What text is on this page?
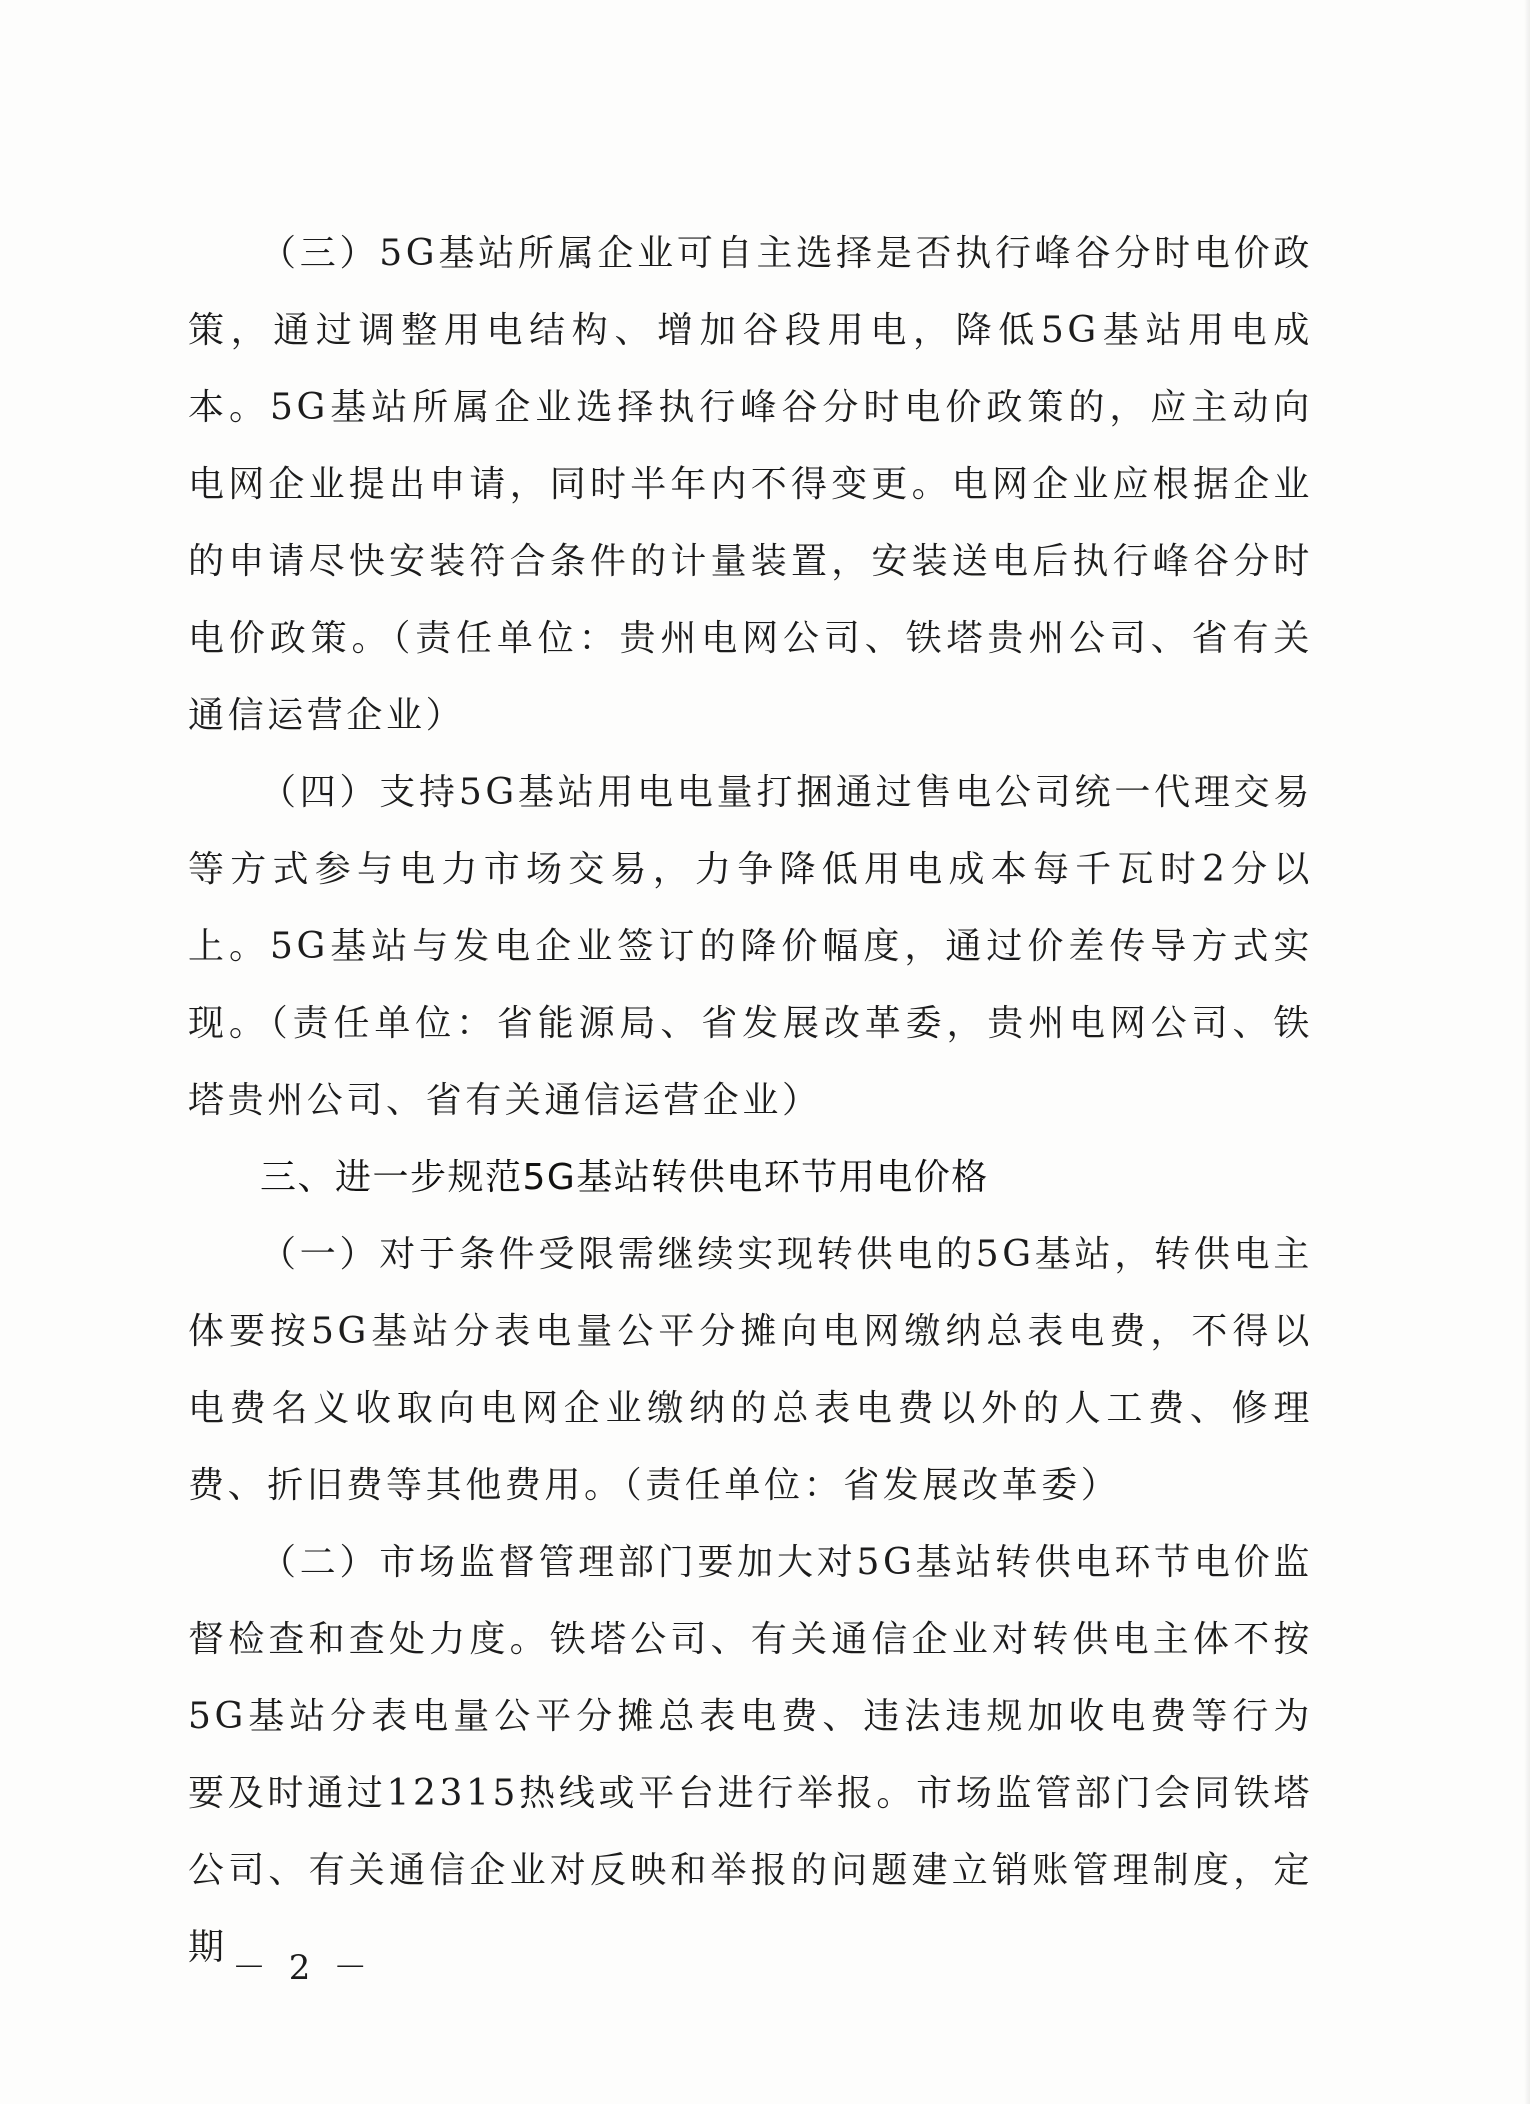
（三）5G基站所属企业可自主选择是否执行峰谷分时电价政策，通过调整用电结构、增加谷段用电，降低5G基站用电成本。5G基站所属企业选择执行峰谷分时电价政策的，应主动向电网企业提出申请，同时半年内不得变更。电网企业应根据企业的申请尽快安装符合条件的计量装置，安装送电后执行峰谷分时电价政策。（责任单位：贵州电网公司、铁塔贵州公司、省有关通信运营企业）

（四）支持5G基站用电电量打捆通过售电公司统一代理交易等方式参与电力市场交易，力争降低用电成本每千瓦时2分以上。5G基站与发电企业签订的降价幅度，通过价差传导方式实现。（责任单位：省能源局、省发展改革委，贵州电网公司、铁塔贵州公司、省有关通信运营企业）

三、进一步规范5G基站转供电环节用电价格

（一）对于条件受限需继续实现转供电的5G基站，转供电主体要按5G基站分表电量公平分摊向电网缴纳总表电费，不得以电费名义收取向电网企业缴纳的总表电费以外的人工费、修理费、折旧费等其他费用。（责任单位：省发展改革委）

（二）市场监督管理部门要加大对5G基站转供电环节电价监督检查和查处力度。铁塔公司、有关通信企业对转供电主体不按5G基站分表电量公平分摊总表电费、违法违规加收电费等行为要及时通过12315热线或平台进行举报。市场监管部门会同铁塔公司、有关通信企业对反映和举报的问题建立销账管理制度，定期 － 2 －
